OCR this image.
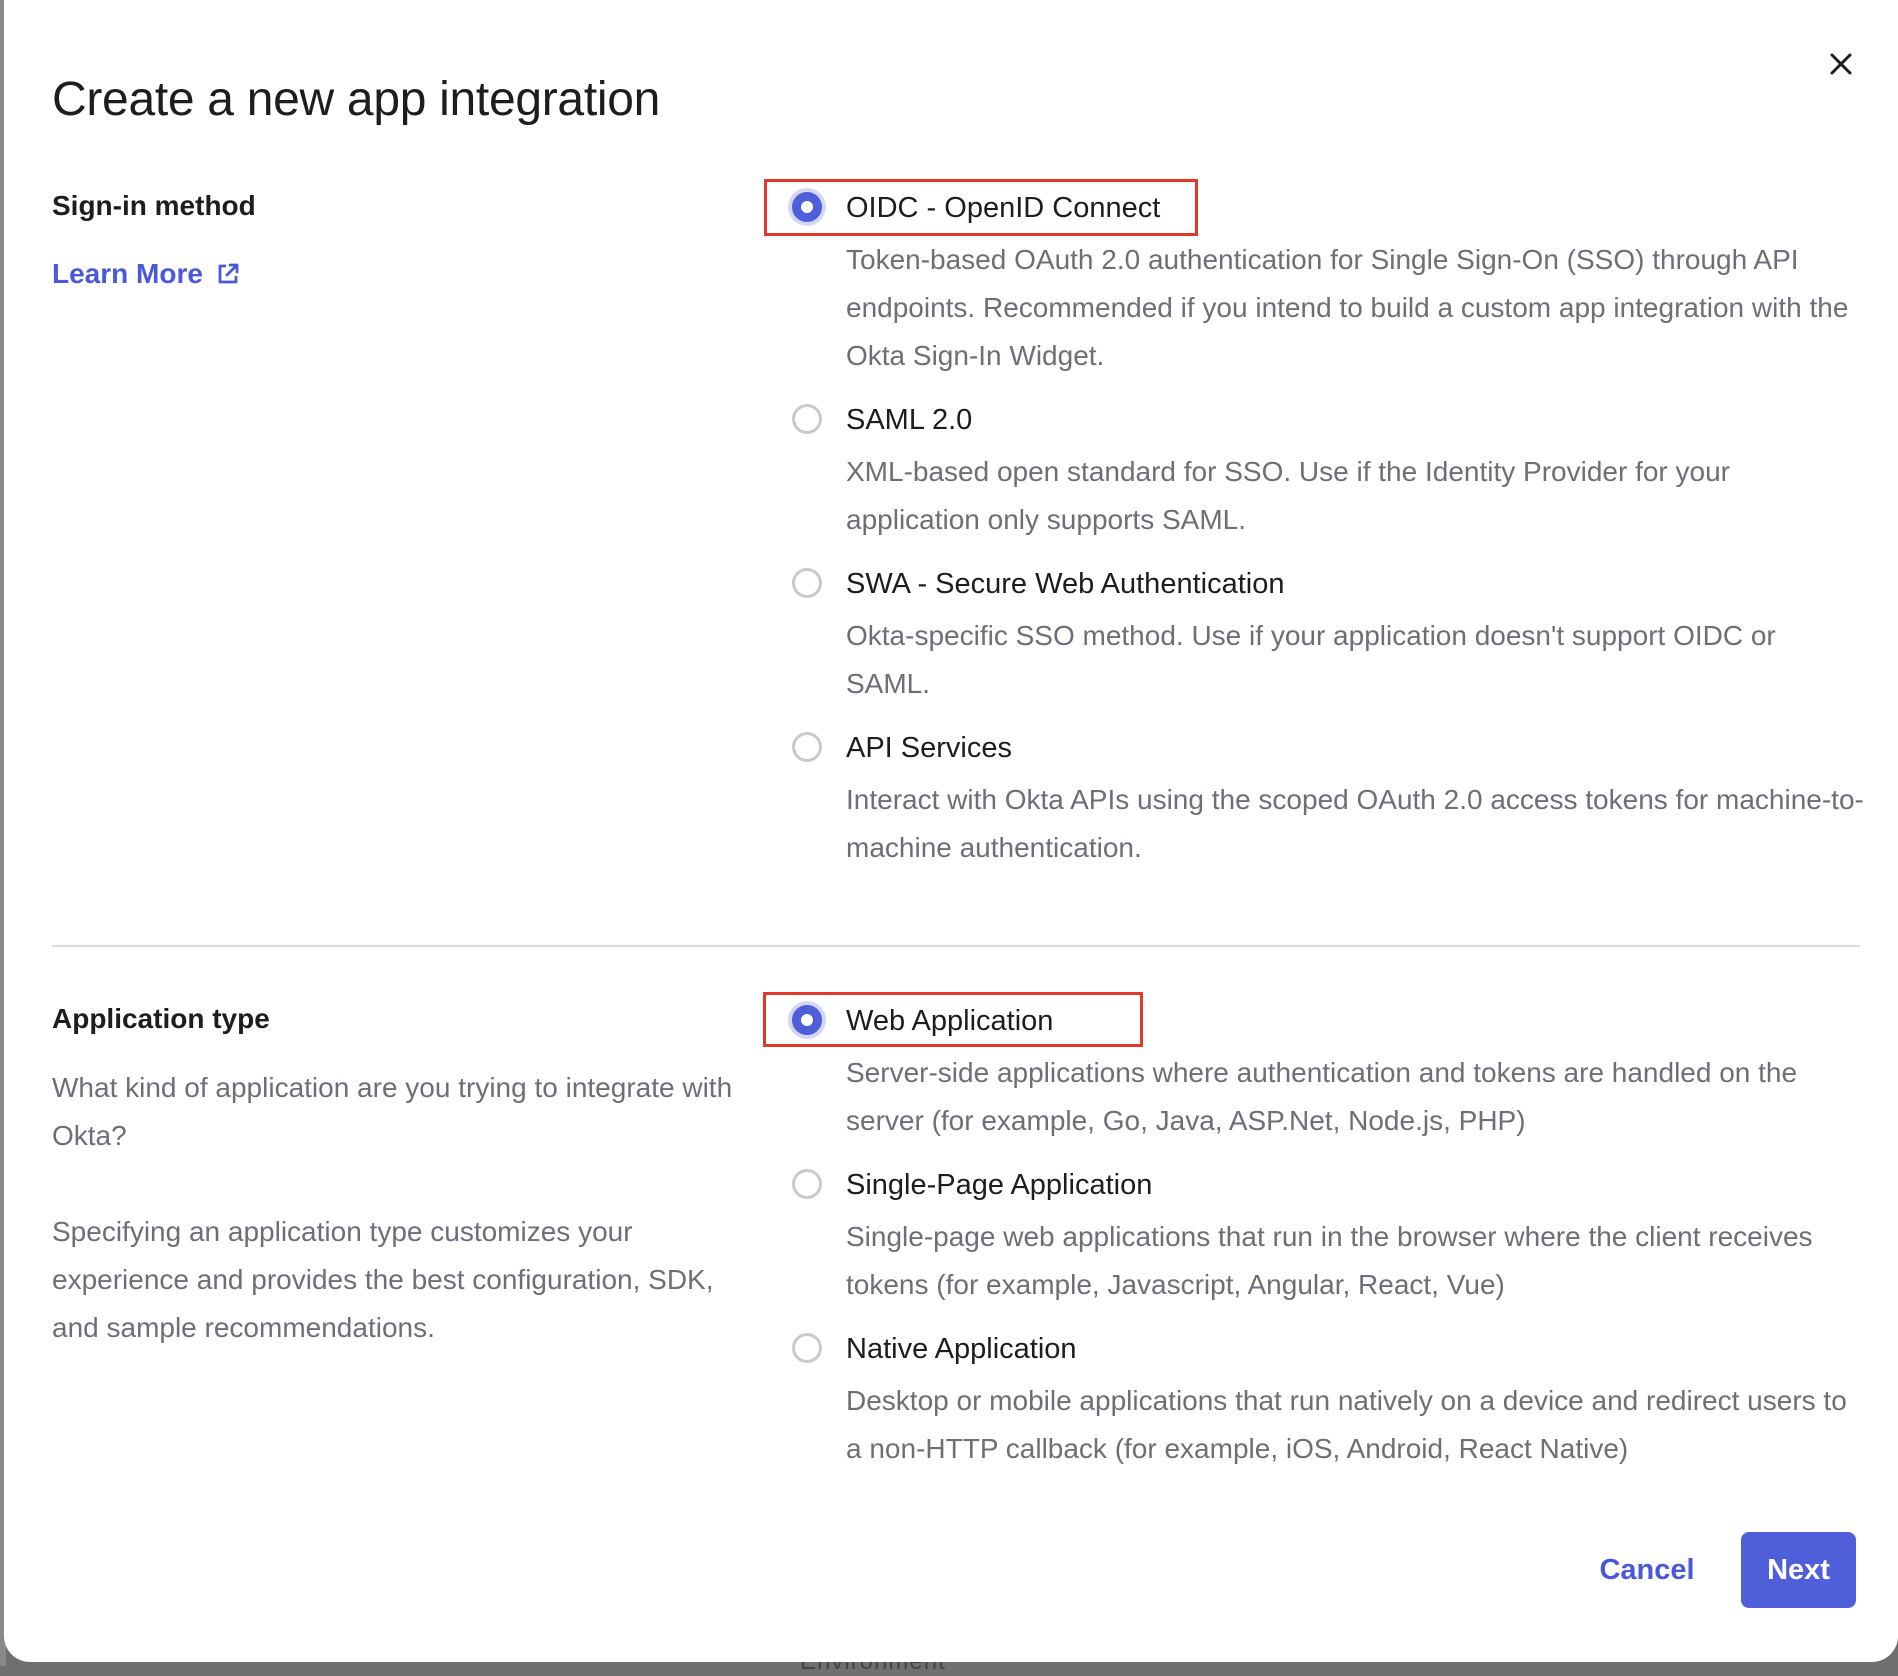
Create a new app integration
Sign-in method
Learn More
OIDC - OpenID Connect
Token-based OAuth 2.0 authentication for Single Sign-On (SSO) through API endpoints. Recommended if you intend to build a custom app integration with the Okta Sign-In Widget.
SAML 2.0
XML-based open standard for SSO. Use if the Identity Provider for your application only supports SAML.
SWA - Secure Web Authentication
Okta-specific SSO method. Use if your application doesn't support OIDC or SAML.
API Services
Interact with Okta APIs using the scoped OAuth 2.0 access tokens for machine-to-machine authentication.
Application type
What kind of application are you trying to integrate with Okta?
Specifying an application type customizes your experience and provides the best configuration, SDK, and sample recommendations.
Web Application
Server-side applications where authentication and tokens are handled on the server (for example, Go, Java, ASP.Net, Node.js, PHP)
Single-Page Application
Single-page web applications that run in the browser where the client receives tokens (for example, Javascript, Angular, React, Vue)
Native Application
Desktop or mobile applications that run natively on a device and redirect users to a non-HTTP callback (for example, iOS, Android, React Native)
Cancel	Next
